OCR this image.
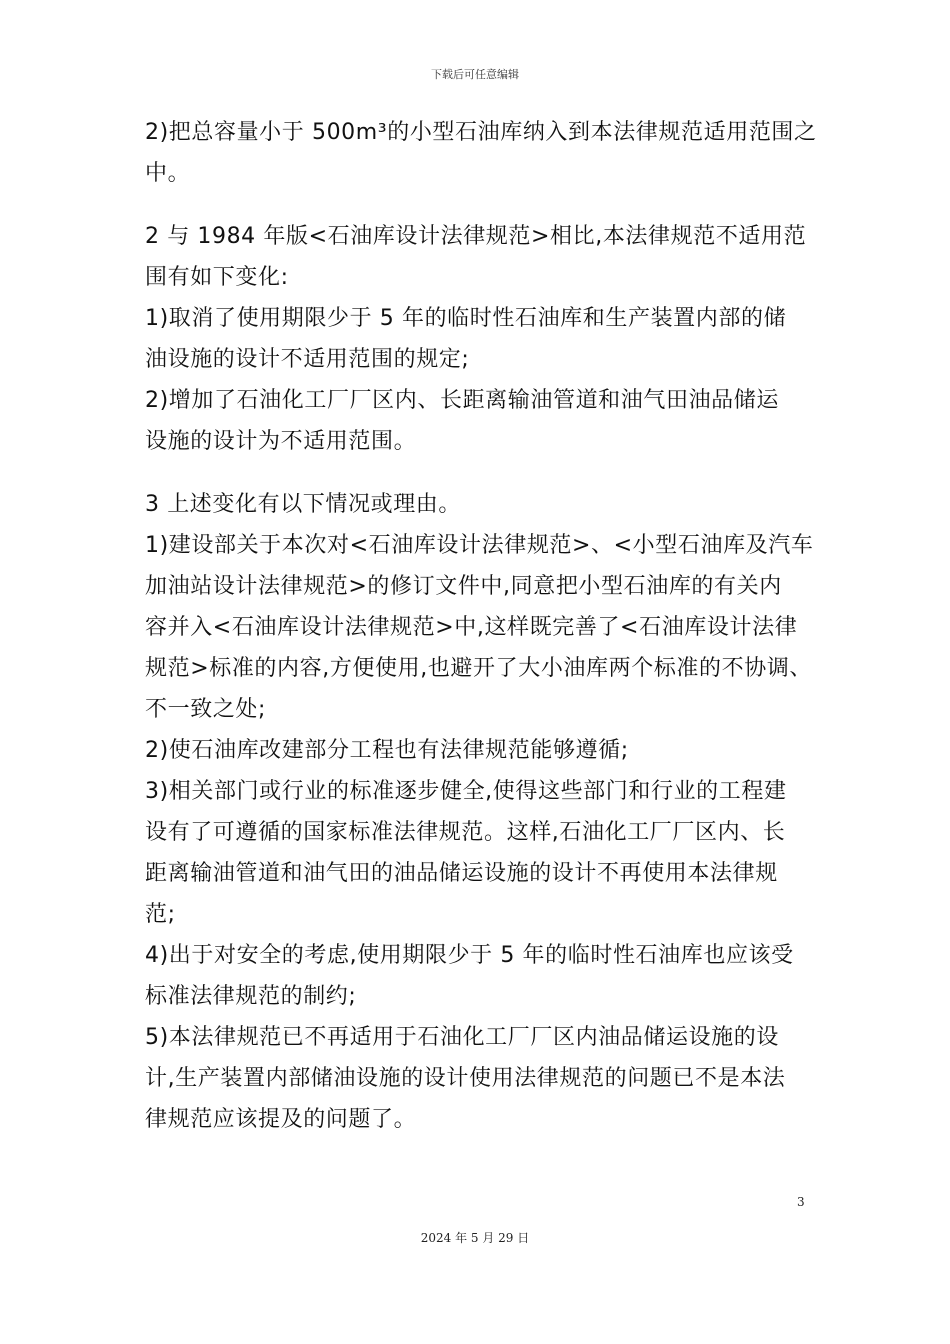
下载后可任意编辑
2)把总容量小于 500m³的小型石油库纳入到本法律规范适用范围之
中。
2 与 1984 年版<石油库设计法律规范>相比,本法律规范不适用范
围有如下变化:
1)取消了使用期限少于 5 年的临时性石油库和生产装置内部的储
油设施的设计不适用范围的规定;
2)增加了石油化工厂厂区内、长距离输油管道和油气田油品储运
设施的设计为不适用范围。
3 上述变化有以下情况或理由。
1)建设部关于本次对<石油库设计法律规范>、<小型石油库及汽车
加油站设计法律规范>的修订文件中,同意把小型石油库的有关内
容并入<石油库设计法律规范>中,这样既完善了<石油库设计法律
规范>标准的内容,方便使用,也避开了大小油库两个标准的不协调、
不一致之处;
2)使石油库改建部分工程也有法律规范能够遵循;
3)相关部门或行业的标准逐步健全,使得这些部门和行业的工程建
设有了可遵循的国家标准法律规范。这样,石油化工厂厂区内、长
距离输油管道和油气田的油品储运设施的设计不再使用本法律规
范;
4)出于对安全的考虑,使用期限少于 5 年的临时性石油库也应该受
标准法律规范的制约;
5)本法律规范已不再适用于石油化工厂厂区内油品储运设施的设
计,生产装置内部储油设施的设计使用法律规范的问题已不是本法
律规范应该提及的问题了。
3
2024 年 5 月 29 日
